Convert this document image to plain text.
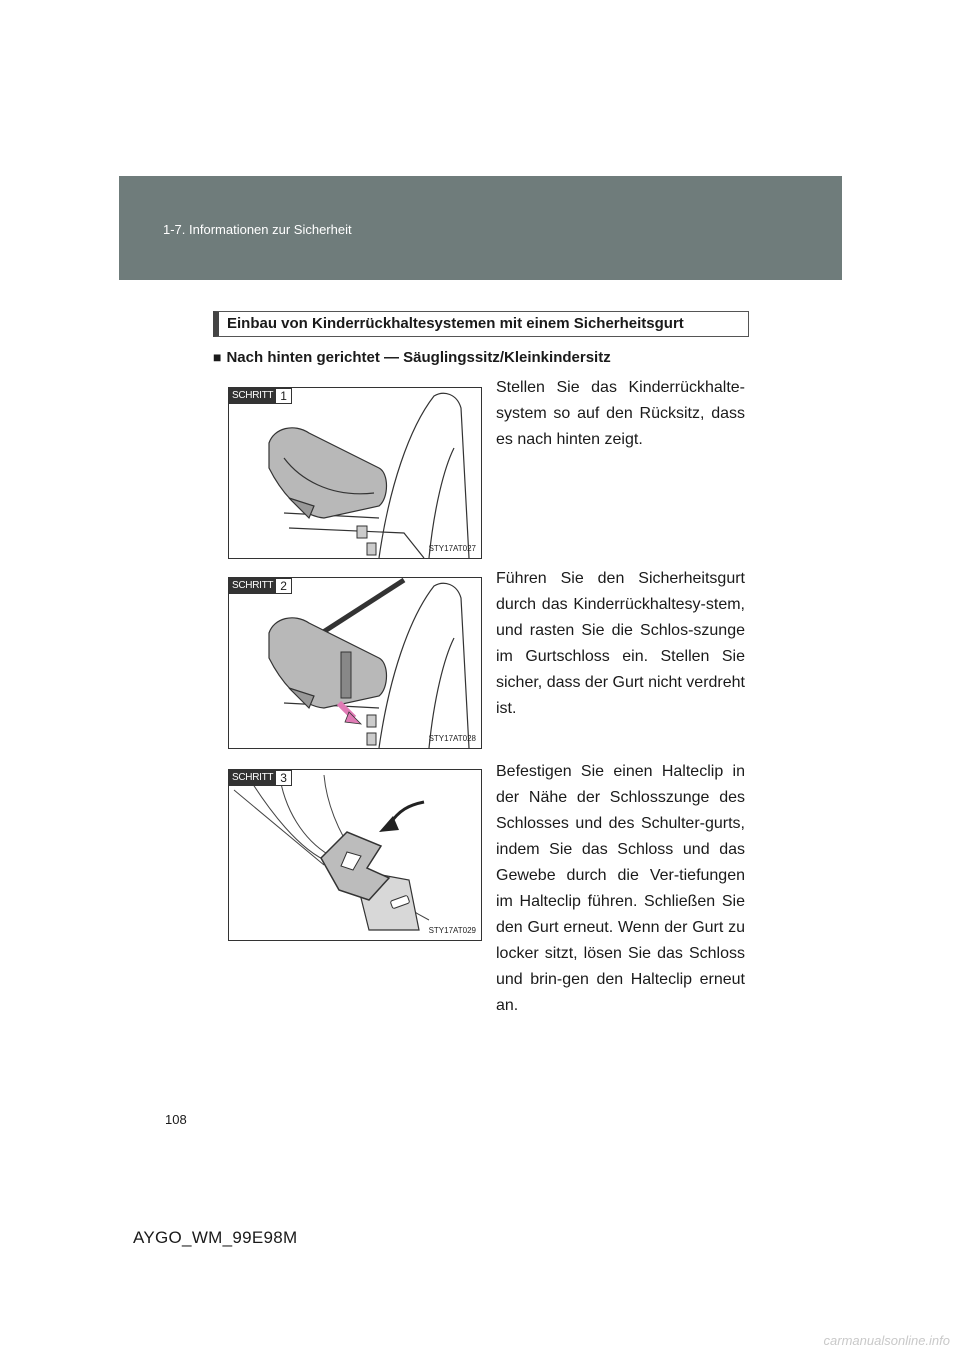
1-7. Informationen zur Sicherheit
Einbau von Kinderrückhaltesystemen mit einem Sicherheitsgurt
■ Nach hinten gerichtet — Säuglingssitz/Kleinkindersitz
SCHRITT 1
STY17AT027
Stellen Sie das Kinderrückhalte-system so auf den Rücksitz, dass es nach hinten zeigt.
SCHRITT 2
STY17AT028
Führen Sie den Sicherheitsgurt durch das Kinderrückhaltesy-stem, und rasten Sie die Schlos-szunge im Gurtschloss ein. Stellen Sie sicher, dass der Gurt nicht verdreht ist.
SCHRITT 3
STY17AT029
Befestigen Sie einen Halteclip in der Nähe der Schlosszunge des Schlosses und des Schulter-gurts, indem Sie das Schloss und das Gewebe durch die Ver-tiefungen im Halteclip führen. Schließen Sie den Gurt erneut. Wenn der Gurt zu locker sitzt, lösen Sie das Schloss und brin-gen den Halteclip erneut an.
108
AYGO_WM_99E98M
carmanualsonline.info
